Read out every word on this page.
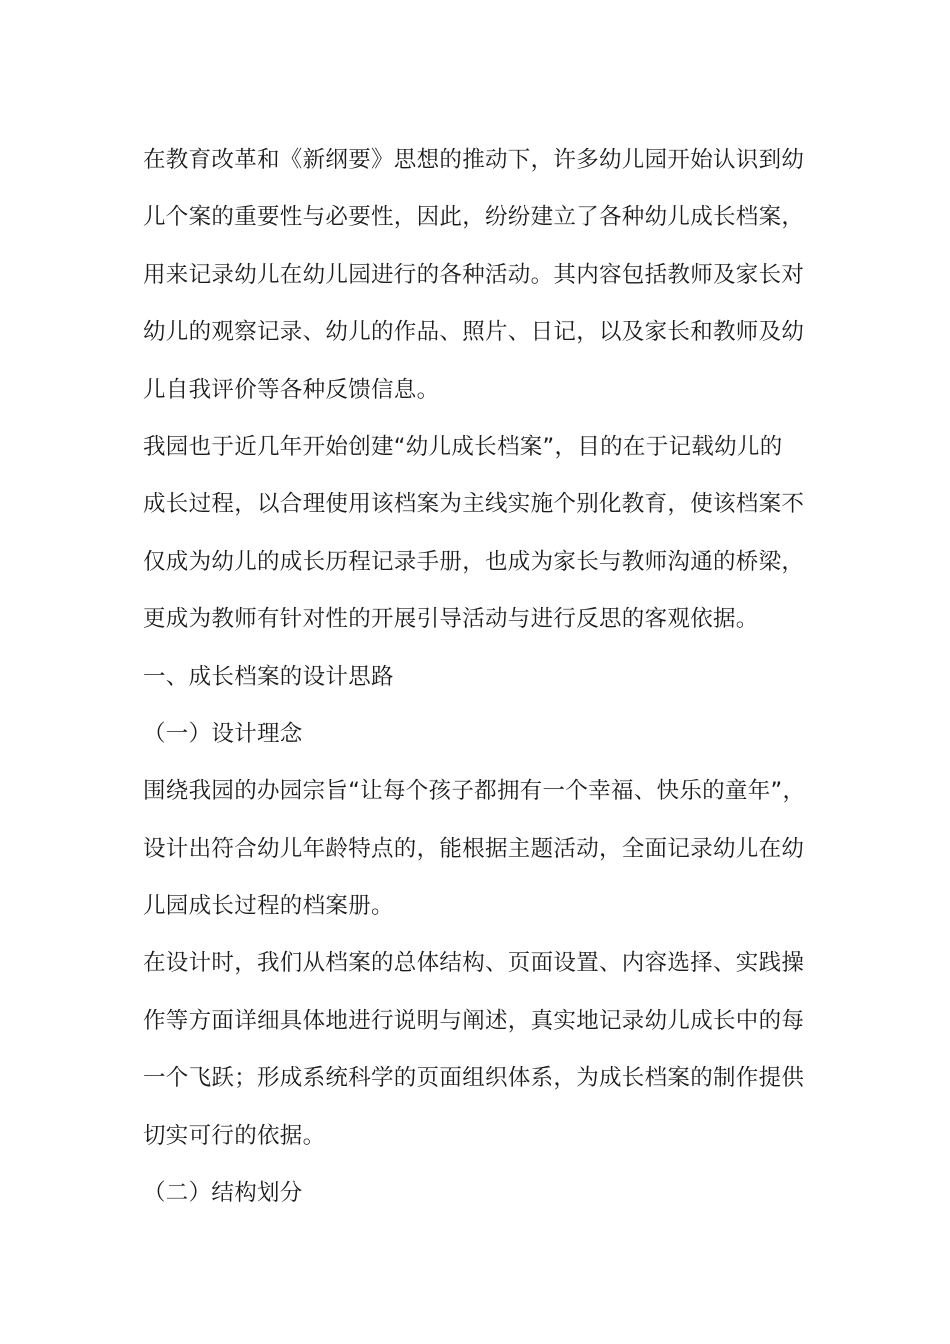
在教育改革和《新纲要》思想的推动下，许多幼儿园开始认识到幼
儿个案的重要性与必要性，因此，纷纷建立了各种幼儿成长档案，
用来记录幼儿在幼儿园进行的各种活动。其内容包括教师及家长对
幼儿的观察记录、幼儿的作品、照片、日记，以及家长和教师及幼
儿自我评价等各种反馈信息。
我园也于近几年开始创建“幼儿成长档案”，目的在于记载幼儿的
成长过程，以合理使用该档案为主线实施个别化教育，使该档案不
仅成为幼儿的成长历程记录手册，也成为家长与教师沟通的桥梁，
更成为教师有针对性的开展引导活动与进行反思的客观依据。
一、成长档案的设计思路
（一）设计理念
围绕我园的办园宗旨“让每个孩子都拥有一个幸福、快乐的童年”，
设计出符合幼儿年龄特点的，能根据主题活动，全面记录幼儿在幼
儿园成长过程的档案册。
在设计时，我们从档案的总体结构、页面设置、内容选择、实践操
作等方面详细具体地进行说明与阐述，真实地记录幼儿成长中的每
一个飞跃；形成系统科学的页面组织体系，为成长档案的制作提供
切实可行的依据。
（二）结构划分
